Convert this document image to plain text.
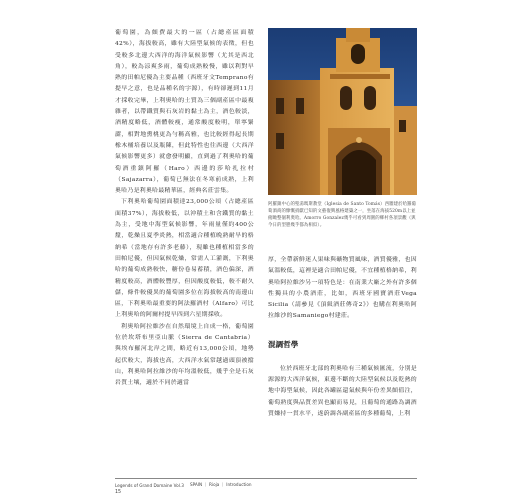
葡萄園，為頗費最大的一區（占總產區面積42%），海拔較高，雖有大陸型氣候的表徵，但也受較多北邊大西洋的海洋氣候影響（尤其是西北角），較為涼爽多雨，葡萄成熟較慢，雖以利對早熟的田帕尼優為主要品種（西班牙文Temprano有提早之意，也是品種名的字源），有時卻遲到11月才採收完畢，上利奧哈的土質為三個副產區中最複雜者，以帶鐵質與石灰岩的黏土為主，酒色較淡，酒精度略低，酒體較瘦，通常酸度較明，單寧緊澀，相對地熏桃更為勻稱高雅，也比較經得起長期橡木桶培養以及瓶陳，但此特性也往西邊（大西洋氣候影響更多）就愈發明顯，直到過了利奧哈的葡萄酒重鎮阿羅（Haro）西邊的莎哈扎拉村（Sajazarra），葡萄已無法在冬寒前成熟，上利奧哈乃是利奧哈最精華區，經典名莊雲集。

下利奧哈葡萄園面積達23,000公頃（占總產區面積37%），海拔較低，以沖積土和含鐵質的黏土為主，受地中海型氣候影響，年雨量僅約400公釐，乾燥且夏季炎熱，相當適合種植晚熟耐旱的格納希（當地存有許多老藤），現雖也種植相當多的田帕尼優，但因氣候乾燥，常需人工灌溉，下利奧哈的葡萄成熟較快，糖份卷易蓄積，酒色偏深，酒精度較高，酒體較豐厚，但因酸度較低，較不耐久儲，條件較優異的葡萄園多位在海拔較高的南邊山區，下利奧哈最重要的阿法羅酒村（Alfaro）可比上利奧哈的阿爾村提早四到六星期採收。

利奧哈阿拉維沙在自然環境上自成一格，葡萄園位於坎塔布里亞山脈（Sierra de Cantabria）與埃布羅河北岸之間，略近有13,000公頃，地勢起伏較大，海拔也高，大西洋水氣常越過頭頂被擋山，利奧哈阿拉維沙的年均溫較低，幾乎全是石灰岩質土壤，適於不同於適當

阿羅鎮中心的聖湯瑪斯教堂（Iglesia de Santo Tomás）西牆建於哈羅葡萄酒商的慷慨捐獻已知的文藝復興風格建築之一，坐落在海拔520m以上並俯瞰整個利奧哈。Amorro Gonzalez幾乎可看到周圍的鄉村各項景觀（與今日的型態幾乎都為相似）。

厚，全帶新鮮迷人果味與礦物質風味，酒質優雅，也因氣溫較低，這裡是適合田帕尼優，不宜種植格納希，利奧哈阿拉維沙另一項特色是：在南業大廠之外有許多個性獨具的小農酒莊，比如，西班牙國寶酒莊Vega Sicilia（請參見《頂級酒莊傳奇2》）也購在利奧哈阿拉維沙的Samaniego村建莊。

混調哲學

位於西班牙北部的利奧哈有三種氣候匯流，分別是源源的大西洋氣候，東邊不斷的大陸型氣候以及乾熱的地中海型氣候，因此各罐區還氣候與年份差異頗值注，葡萄熟度與品質差異也顯而易見，且葡萄的通路為調酒質嫌持一貫水平，遂蔚調各副產區的多種葡萄，上利

Legends of Grand Domaine Vol.3	SPAIN ｜ Rioja ｜ Introduction
15
